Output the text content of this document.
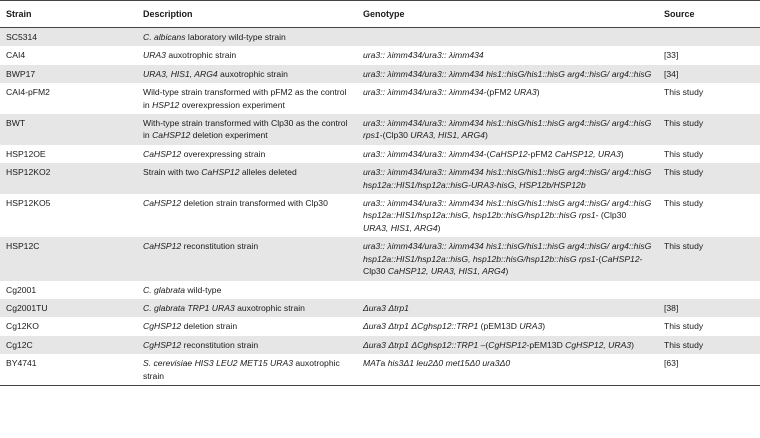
Strain	Description	Genotype	Source
SC5314	C. albicans laboratory wild-type strain		
CAI4	URA3 auxotrophic strain	ura3:: λimm434/ura3:: λimm434	[33]
BWP17	URA3, HIS1, ARG4 auxotrophic strain	ura3:: λimm434/ura3:: λimm434 his1::hisG/his1::hisG arg4::hisG/ arg4::hisG	[34]
CAI4-pFM2	Wild-type strain transformed with pFM2 as the control in HSP12 overexpression experiment	ura3:: λimm434/ura3:: λimm434-(pFM2 URA3)	This study
BWT	With-type strain transformed with Clp30 as the control in CaHSP12 deletion experiment	ura3:: λimm434/ura3:: λimm434 his1::hisG/his1::hisG arg4::hisG/ arg4::hisG rps1-(Clp30 URA3, HIS1, ARG4)	This study
HSP12OE	CaHSP12 overexpressing strain	ura3:: λimm434/ura3:: λimm434-(CaHSP12-pFM2 CaHSP12, URA3)	This study
HSP12KO2	Strain with two CaHSP12 alleles deleted	ura3:: λimm434/ura3:: λimm434 his1::hisG/his1::hisG arg4::hisG/ arg4::hisG hsp12a::HIS1/hsp12a::hisG-URA3-hisG, HSP12b/HSP12b	This study
HSP12KO5	CaHSP12 deletion strain transformed with Clp30	ura3:: λimm434/ura3:: λimm434 his1::hisG/his1::hisG arg4::hisG/ arg4::hisG hsp12a::HIS1/hsp12a::hisG, hsp12b::hisG/hsp12b::hisG rps1- (Clp30 URA3, HIS1, ARG4)	This study
HSP12C	CaHSP12 reconstitution strain	ura3:: λimm434/ura3:: λimm434 his1::hisG/his1::hisG arg4::hisG/ arg4::hisG hsp12a::HIS1/hsp12a::hisG, hsp12b::hisG/hsp12b::hisG rps1-(CaHSP12-Clp30 CaHSP12, URA3, HIS1, ARG4)	This study
Cg2001	C. glabrata wild-type		
Cg2001TU	C. glabrata TRP1 URA3 auxotrophic strain	Δura3 Δtrp1	[38]
Cg12KO	CgHSP12 deletion strain	Δura3 Δtrp1 ΔCghsp12::TRP1 (pEM13D URA3)	This study
Cg12C	CgHSP12 reconstitution strain	Δura3 Δtrp1 ΔCghsp12::TRP1 –(CgHSP12-pEM13D CgHSP12, URA3)	This study
BY4741	S. cerevisiae HIS3 LEU2 MET15 URA3 auxotrophic strain	MATa his3Δ1 leu2Δ0 met15Δ0 ura3Δ0	[63]
